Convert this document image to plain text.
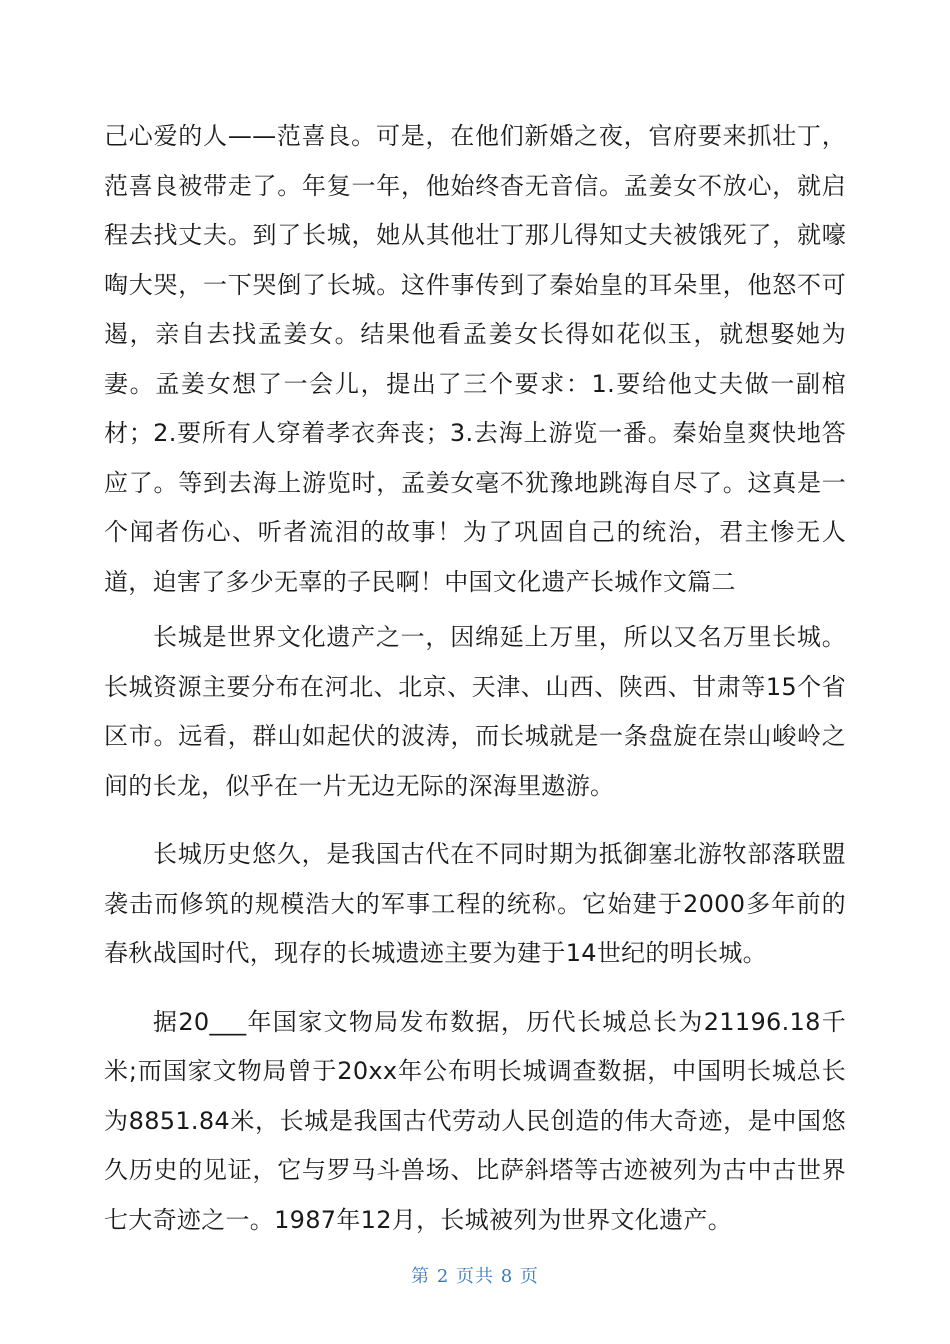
己心爱的人——范喜良。可是，在他们新婚之夜，官府要来抓壮丁，范喜良被带走了。年复一年，他始终杳无音信。孟姜女不放心，就启程去找丈夫。到了长城，她从其他壮丁那儿得知丈夫被饿死了，就嚎啕大哭，一下哭倒了长城。这件事传到了秦始皇的耳朵里，他怒不可遏，亲自去找孟姜女。结果他看孟姜女长得如花似玉，就想娶她为妻。孟姜女想了一会儿，提出了三个要求：1.要给他丈夫做一副棺材；2.要所有人穿着孝衣奔丧；3.去海上游览一番。秦始皇爽快地答应了。等到去海上游览时，孟姜女毫不犹豫地跳海自尽了。这真是一个闻者伤心、听者流泪的故事！为了巩固自己的统治，君主惨无人道，迫害了多少无辜的子民啊！中国文化遗产长城作文篇二

长城是世界文化遗产之一，因绵延上万里，所以又名万里长城。长城资源主要分布在河北、北京、天津、山西、陕西、甘肃等15个省区市。远看，群山如起伏的波涛，而长城就是一条盘旋在崇山峻岭之间的长龙，似乎在一片无边无际的深海里遨游。

长城历史悠久，是我国古代在不同时期为抵御塞北游牧部落联盟袭击而修筑的规模浩大的军事工程的统称。它始建于2000多年前的春秋战国时代，现存的长城遗迹主要为建于14世纪的明长城。

据20___年国家文物局发布数据，历代长城总长为21196.18千米;而国家文物局曾于20xx年公布明长城调查数据，中国明长城总长为8851.84米，长城是我国古代劳动人民创造的伟大奇迹，是中国悠久历史的见证，它与罗马斗兽场、比萨斜塔等古迹被列为古中古世界七大奇迹之一。1987年12月，长城被列为世界文化遗产。

第 2 页共 8 页
